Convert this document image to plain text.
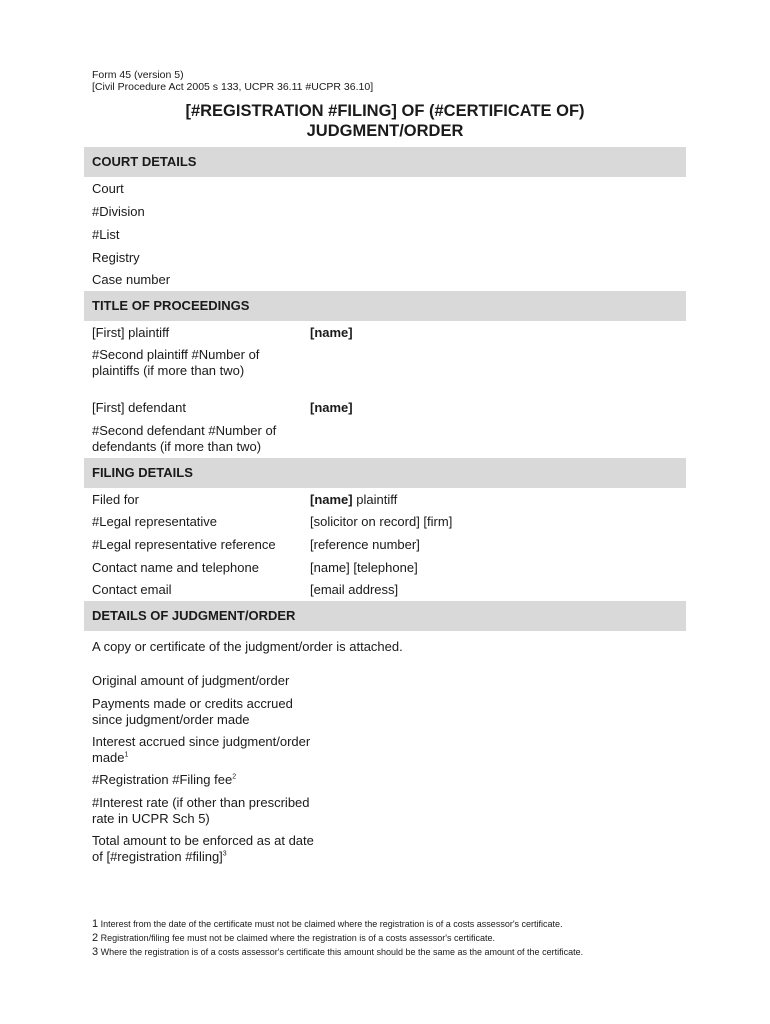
Form 45 (version 5)
[Civil Procedure Act 2005 s 133, UCPR 36.11 #UCPR 36.10]
[#REGISTRATION #FILING] OF (#CERTIFICATE OF)
JUDGMENT/ORDER
COURT DETAILS
Court
#Division
#List
Registry
Case number
TITLE OF PROCEEDINGS
[First] plaintiff	[name]
#Second plaintiff #Number of
plaintiffs (if more than two)
[First] defendant	[name]
#Second defendant #Number of
defendants (if more than two)
FILING DETAILS
Filed for	[name] plaintiff
#Legal representative	[solicitor on record] [firm]
#Legal representative reference	[reference number]
Contact name and telephone	[name] [telephone]
Contact email	[email address]
DETAILS OF JUDGMENT/ORDER
A copy or certificate of the judgment/order is attached.
Original amount of judgment/order
Payments made or credits accrued
since judgment/order made
Interest accrued since judgment/order
made$^1$
#Registration #Filing fee$^2$
#Interest rate (if other than prescribed
rate in UCPR Sch 5)
Total amount to be enforced as at date
of [#registration #filing]$^3$
1 Interest from the date of the certificate must not be claimed where the registration is of a costs assessor's certificate.
2 Registration/filing fee must not be claimed where the registration is of a costs assessor's certificate.
3 Where the registration is of a costs assessor's certificate this amount should be the same as the amount of the certificate.
